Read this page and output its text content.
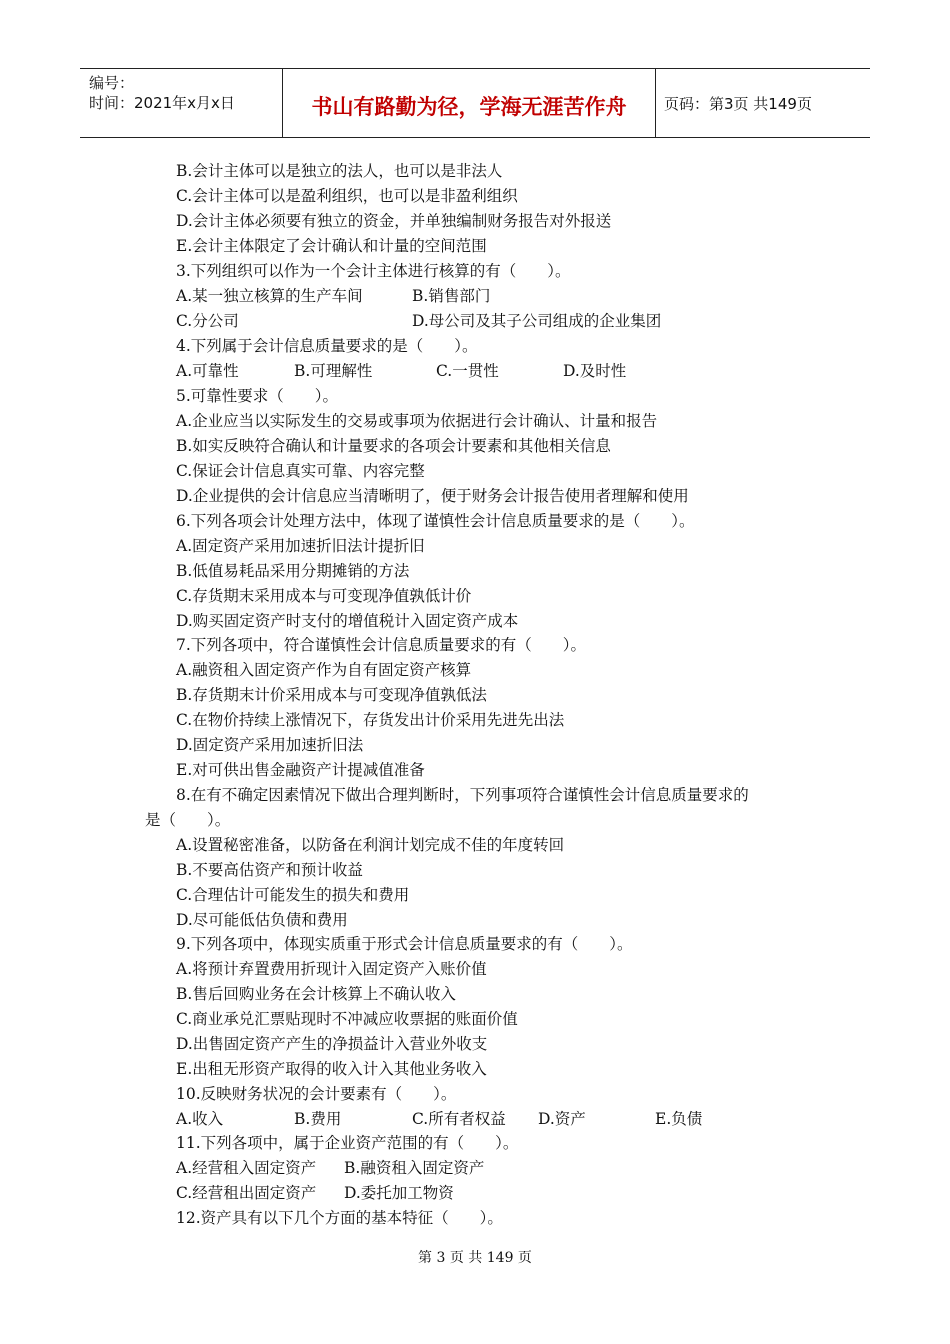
编号：
时间：2021年x月x日	书山有路勤为径，学海无涯苦作舟	页码：第3页 共149页
B.会计主体可以是独立的法人，也可以是非法人
C.会计主体可以是盈利组织，也可以是非盈利组织
D.会计主体必须要有独立的资金，并单独编制财务报告对外报送
E.会计主体限定了会计确认和计量的空间范围
3.下列组织可以作为一个会计主体进行核算的有（　　）。
A.某一独立核算的生产车间	B.销售部门
C.分公司	D.母公司及其子公司组成的企业集团
4.下列属于会计信息质量要求的是（　　）。
A.可靠性	B.可理解性	C.一贯性	D.及时性
5.可靠性要求（　　）。
A.企业应当以实际发生的交易或事项为依据进行会计确认、计量和报告
B.如实反映符合确认和计量要求的各项会计要素和其他相关信息
C.保证会计信息真实可靠、内容完整
D.企业提供的会计信息应当清晰明了，便于财务会计报告使用者理解和使用
6.下列各项会计处理方法中，体现了谨慎性会计信息质量要求的是（　　）。
A.固定资产采用加速折旧法计提折旧
B.低值易耗品采用分期摊销的方法
C.存货期末采用成本与可变现净值孰低计价
D.购买固定资产时支付的增值税计入固定资产成本
7.下列各项中，符合谨慎性会计信息质量要求的有（　　）。
A.融资租入固定资产作为自有固定资产核算
B.存货期末计价采用成本与可变现净值孰低法
C.在物价持续上涨情况下，存货发出计价采用先进先出法
D.固定资产采用加速折旧法
E.对可供出售金融资产计提减值准备
8.在有不确定因素情况下做出合理判断时，下列事项符合谨慎性会计信息质量要求的
是（　　）。
A.设置秘密准备，以防备在利润计划完成不佳的年度转回
B.不要高估资产和预计收益
C.合理估计可能发生的损失和费用
D.尽可能低估负债和费用
9.下列各项中，体现实质重于形式会计信息质量要求的有（　　）。
A.将预计弃置费用折现计入固定资产入账价值
B.售后回购业务在会计核算上不确认收入
C.商业承兑汇票贴现时不冲减应收票据的账面价值
D.出售固定资产产生的净损益计入营业外收支
E.出租无形资产取得的收入计入其他业务收入
10.反映财务状况的会计要素有（　　）。
A.收入	B.费用	C.所有者权益 D.资产	E.负债
11.下列各项中，属于企业资产范围的有（　　）。
A.经营租入固定资产 B.融资租入固定资产
C.经营租出固定资产 D.委托加工物资
12.资产具有以下几个方面的基本特征（　　）。
第 3 页 共 149 页
